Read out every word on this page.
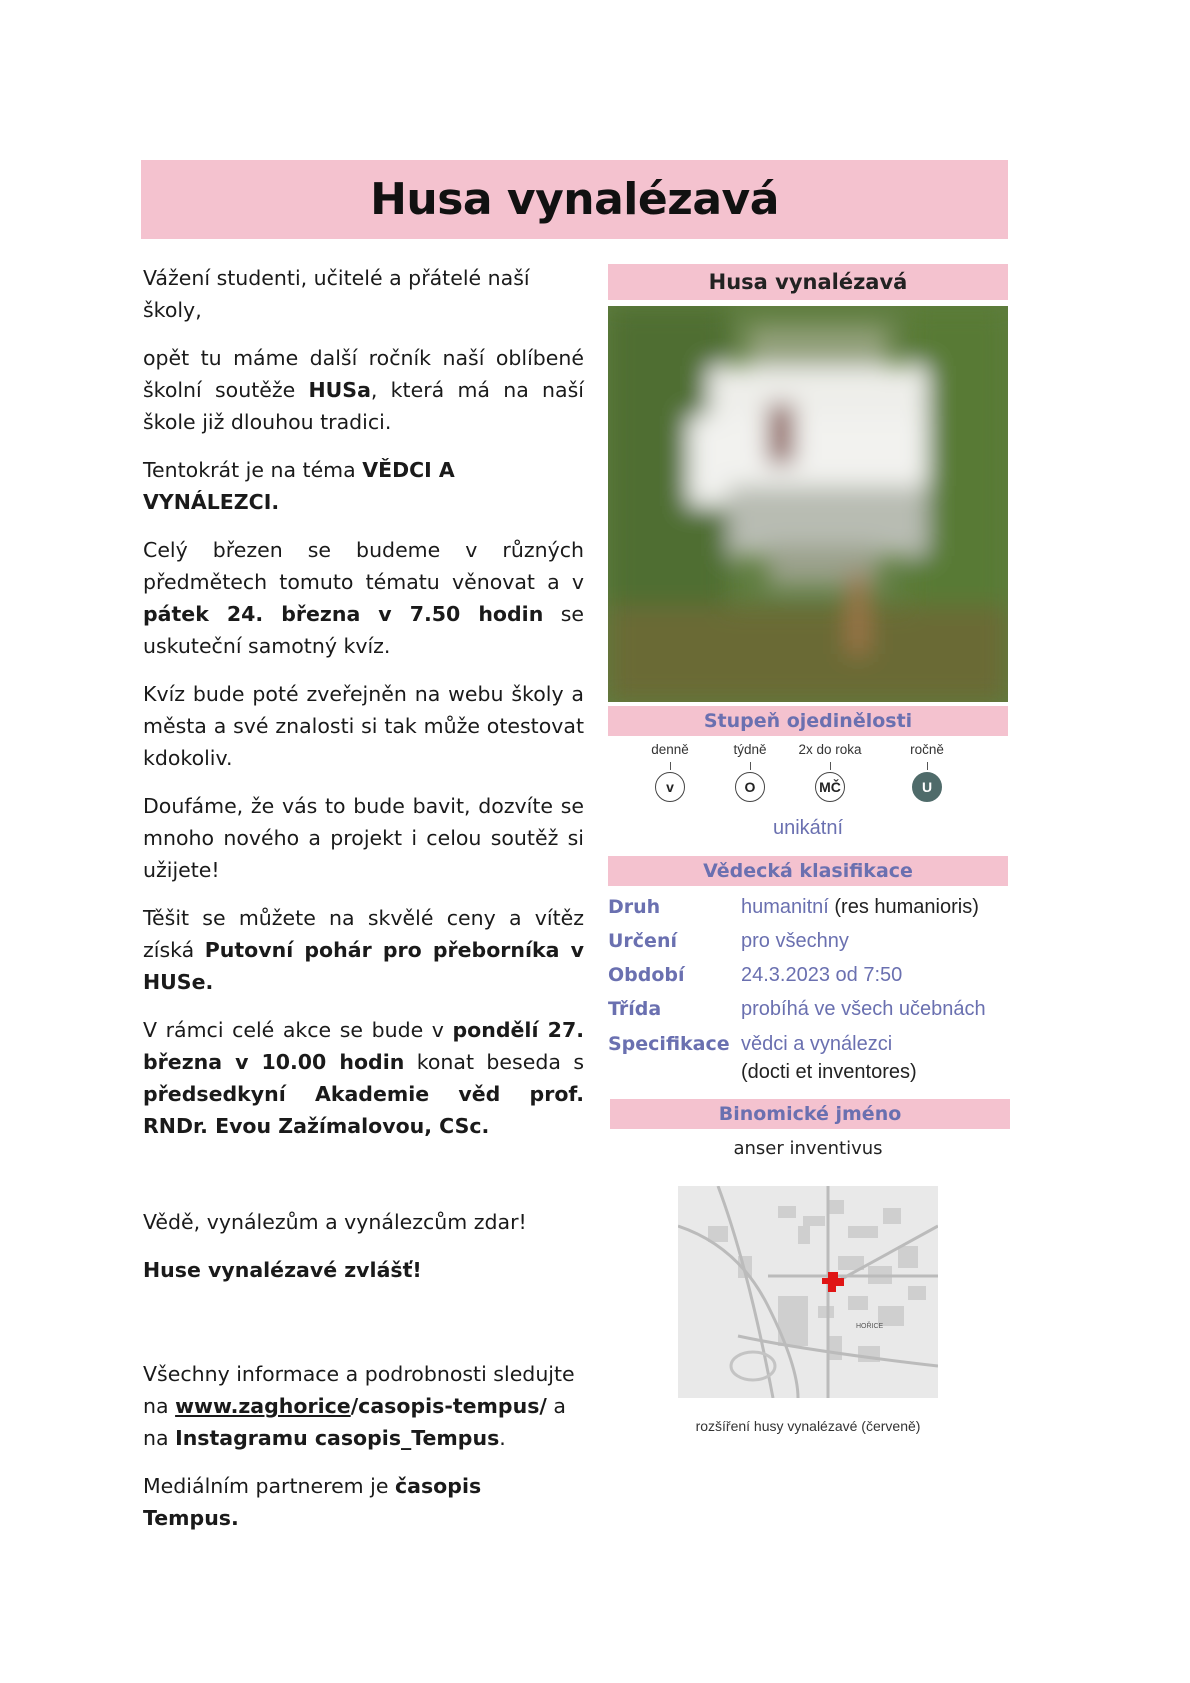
Husa vynalézavá

Vážení studenti, učitelé a přátelé naší školy,

opět tu máme další ročník naší oblíbené školní soutěže HUSa, která má na naší škole již dlouhou tradici.

Tentokrát je na téma VĚDCI A VYNÁLEZCI.

Celý březen se budeme v různých předmětech tomuto tématu věnovat a v pátek 24. března v 7.50 hodin se uskuteční samotný kvíz.

Kvíz bude poté zveřejněn na webu školy a města a své znalosti si tak může otestovat kdokoliv.

Doufáme, že vás to bude bavit, dozvíte se mnoho nového a projekt i celou soutěž si užijete!

Těšit se můžete na skvělé ceny a vítěz získá Putovní pohár pro přeborníka v HUSe.

V rámci celé akce se bude v pondělí 27. března v 10.00 hodin konat beseda s předsedkyní Akademie věd prof. RNDr. Evou Zažímalovou, CSc.

Vědě, vynálezům a vynálezcům zdar!

Huse vynalézavé zvlášť!

Všechny informace a podrobnosti sledujte na www.zaghorice/casopis-tempus/ a na Instagramu casopis_Tempus.

Mediálním partnerem je časopis Tempus.

Husa vynalézavá
Stupeň ojedinělosti
denně
v
týdně
O
2x do roka
MČ
ročně
U
unikátní
Vědecká klasifikace
Druh	humanitní (res humanioris)
Určení	pro všechny
Období	24.3.2023 od 7:50
Třída	probíhá ve všech učebnách
Specifikace vědci a vynálezci
(docti et inventores)
Binomické jméno
anser inventivus
HOŘICE
rozšíření husy vynalézavé (červeně)
